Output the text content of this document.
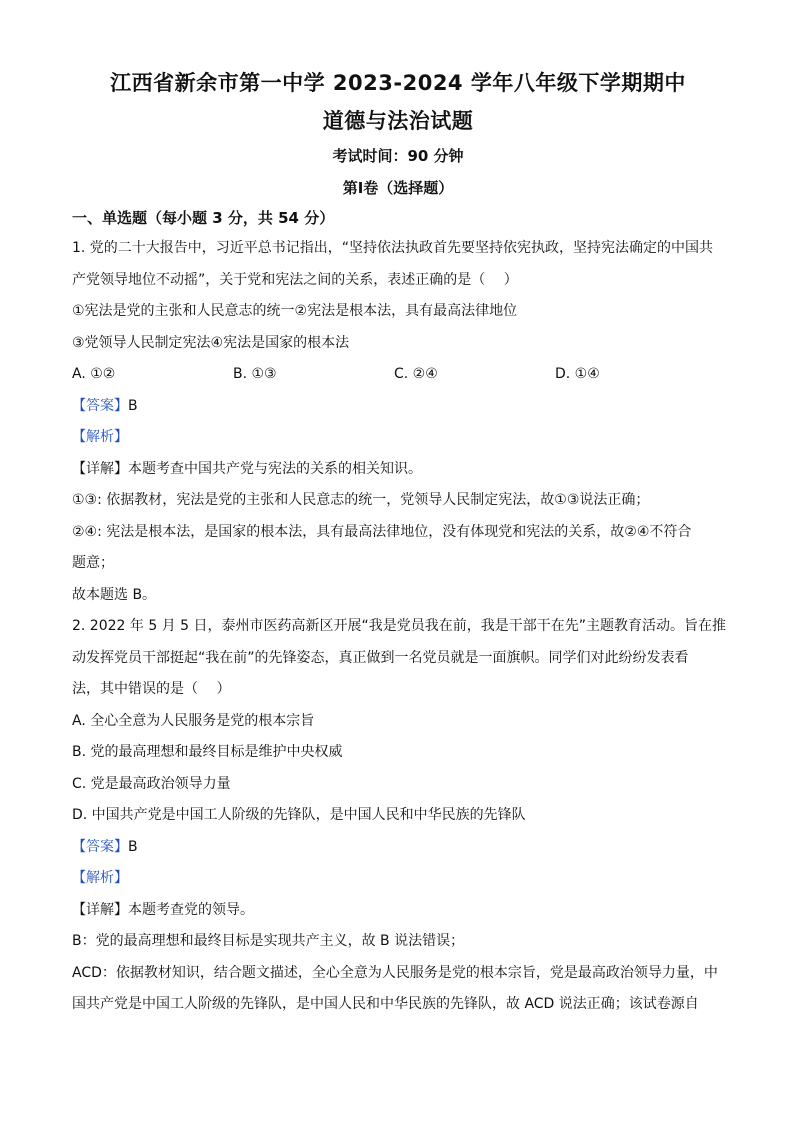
江西省新余市第一中学 2023-2024 学年八年级下学期期中
道德与法治试题
考试时间：90 分钟
第Ⅰ卷（选择题）
一、单选题（每小题 3 分，共 54 分）
1. 党的二十大报告中，习近平总书记指出，“坚持依法执政首先要坚持依宪执政，坚持宪法确定的中国共
产党领导地位不动摇”，关于党和宪法之间的关系，表述正确的是（　 ）
①宪法是党的主张和人民意志的统一②宪法是根本法，具有最高法律地位
③党领导人民制定宪法④宪法是国家的根本法
A. ①②	B. ①③	C. ②④	D. ①④
【答案】B
【解析】
【详解】本题考查中国共产党与宪法的关系的相关知识。
①③: 依据教材，宪法是党的主张和人民意志的统一，党领导人民制定宪法，故①③说法正确；
②④: 宪法是根本法，是国家的根本法，具有最高法律地位，没有体现党和宪法的关系，故②④不符合
题意；
故本题选 B。
2. 2022 年 5 月 5 日，泰州市医药高新区开展“我是党员我在前，我是干部干在先”主题教育活动。旨在推
动发挥党员干部挺起“我在前”的先锋姿态，真正做到一名党员就是一面旗帜。同学们对此纷纷发表看
法，其中错误的是（　 ）
A. 全心全意为人民服务是党的根本宗旨
B. 党的最高理想和最终目标是维护中央权威
C. 党是最高政治领导力量
D. 中国共产党是中国工人阶级的先锋队，是中国人民和中华民族的先锋队
【答案】B
【解析】
【详解】本题考查党的领导。
B：党的最高理想和最终目标是实现共产主义，故 B 说法错误；
ACD：依据教材知识，结合题文描述，全心全意为人民服务是党的根本宗旨，党是最高政治领导力量，中
国共产党是中国工人阶级的先锋队，是中国人民和中华民族的先锋队，故 ACD 说法正确；该试卷源自
